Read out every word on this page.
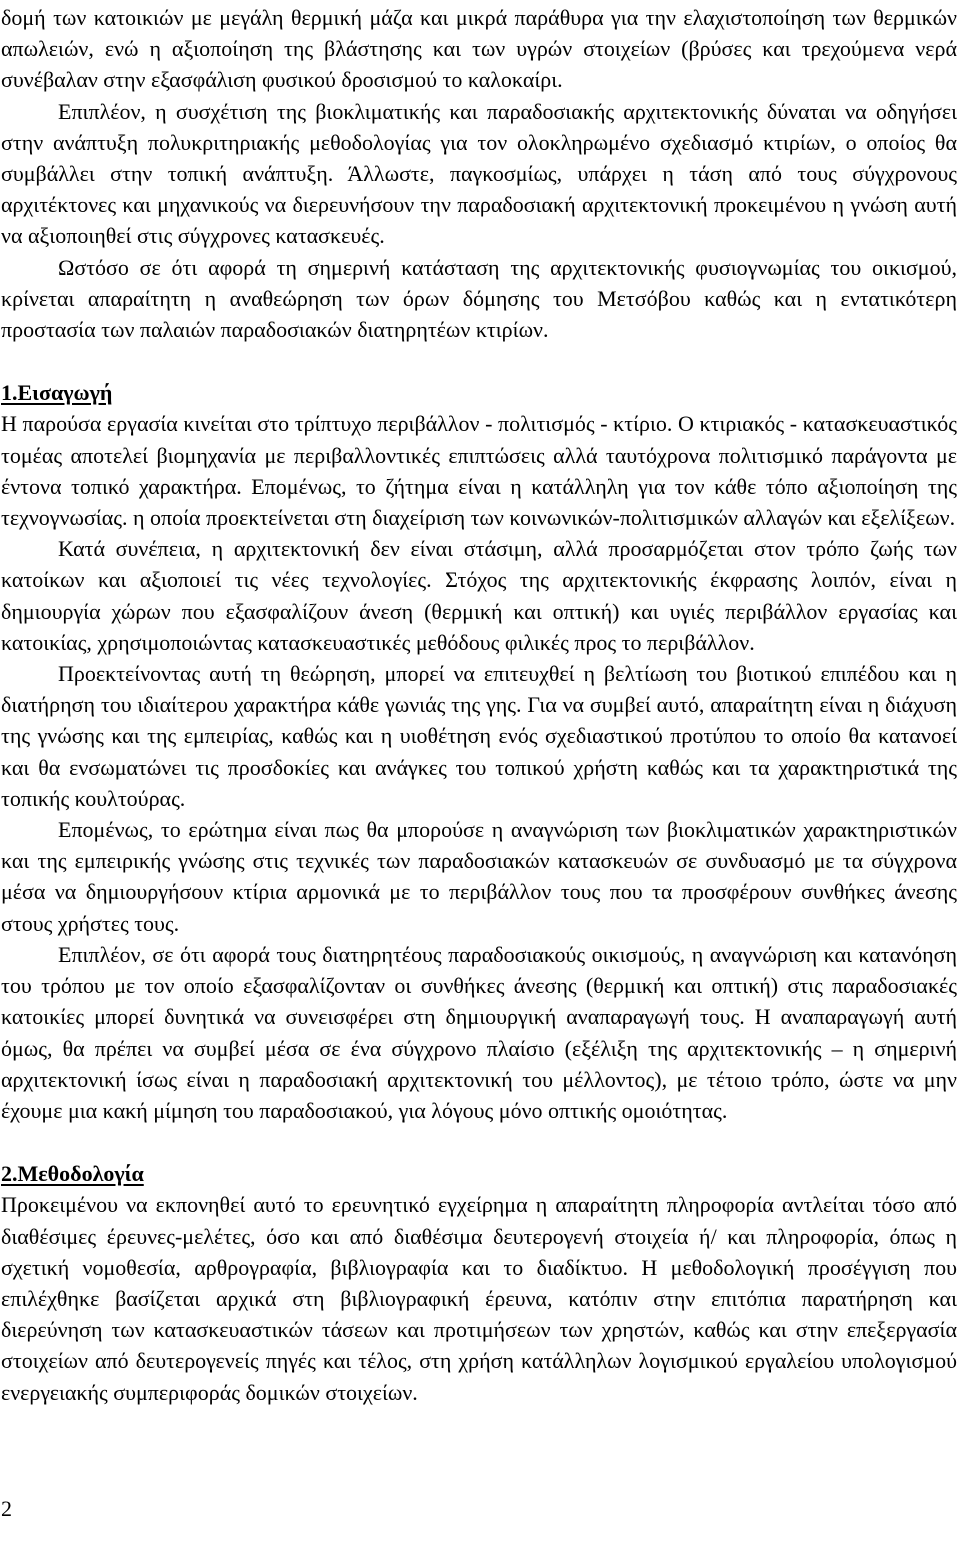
δομή των κατοικιών με μεγάλη θερμική μάζα και μικρά παράθυρα για την ελαχιστοποίηση των θερμικών απωλειών, ενώ η αξιοποίηση της βλάστησης και των υγρών στοιχείων (βρύσες και τρεχούμενα νερά συνέβαλαν στην εξασφάλιση φυσικού δροσισμού το καλοκαίρι.

Επιπλέον, η συσχέτιση της βιοκλιματικής και παραδοσιακής αρχιτεκτονικής δύναται να οδηγήσει στην ανάπτυξη πολυκριτηριακής μεθοδολογίας για τον ολοκληρωμένο σχεδιασμό κτιρίων, ο οποίος θα συμβάλλει στην τοπική ανάπτυξη. Άλλωστε, παγκοσμίως, υπάρχει η τάση από τους σύγχρονους αρχιτέκτονες και μηχανικούς να διερευνήσουν την παραδοσιακή αρχιτεκτονική προκειμένου η γνώση αυτή να αξιοποιηθεί στις σύγχρονες κατασκευές.

Ωστόσο σε ότι αφορά τη σημερινή κατάσταση της αρχιτεκτονικής φυσιογνωμίας του οικισμού, κρίνεται απαραίτητη η αναθεώρηση των όρων δόμησης του Μετσόβου καθώς και η εντατικότερη προστασία των παλαιών παραδοσιακών διατηρητέων κτιρίων.

1.Εισαγωγή

Η παρούσα εργασία κινείται στο τρίπτυχο περιβάλλον - πολιτισμός - κτίριο. Ο κτιριακός - κατασκευαστικός τομέας αποτελεί βιομηχανία με περιβαλλοντικές επιπτώσεις αλλά ταυτόχρονα πολιτισμικό παράγοντα με έντονα τοπικό χαρακτήρα. Επομένως, το ζήτημα είναι η κατάλληλη για τον κάθε τόπο αξιοποίηση της τεχνογνωσίας. η οποία προεκτείνεται στη διαχείριση των κοινωνικών-πολιτισμικών αλλαγών και εξελίξεων.

Κατά συνέπεια, η αρχιτεκτονική δεν είναι στάσιμη, αλλά προσαρμόζεται στον τρόπο ζωής των κατοίκων και αξιοποιεί τις νέες τεχνολογίες. Στόχος της αρχιτεκτονικής έκφρασης λοιπόν, είναι η δημιουργία χώρων που εξασφαλίζουν άνεση (θερμική και οπτική) και υγιές περιβάλλον εργασίας και κατοικίας, χρησιμοποιώντας κατασκευαστικές μεθόδους φιλικές προς το περιβάλλον.

Προεκτείνοντας αυτή τη θεώρηση, μπορεί να επιτευχθεί η βελτίωση του βιοτικού επιπέδου και η διατήρηση του ιδιαίτερου χαρακτήρα κάθε γωνιάς της γης. Για να συμβεί αυτό, απαραίτητη είναι η διάχυση της γνώσης και της εμπειρίας, καθώς και η υιοθέτηση ενός σχεδιαστικού προτύπου το οποίο θα κατανοεί και θα ενσωματώνει τις προσδοκίες και ανάγκες του τοπικού χρήστη καθώς και τα χαρακτηριστικά της τοπικής κουλτούρας.

Επομένως, το ερώτημα είναι πως θα μπορούσε η αναγνώριση των βιοκλιματικών χαρακτηριστικών και της εμπειρικής γνώσης στις τεχνικές των παραδοσιακών κατασκευών σε συνδυασμό με τα σύγχρονα μέσα να δημιουργήσουν κτίρια αρμονικά με το περιβάλλον τους που τα προσφέρουν συνθήκες άνεσης στους χρήστες τους.

Επιπλέον, σε ότι αφορά τους διατηρητέους παραδοσιακούς οικισμούς, η αναγνώριση και κατανόηση του τρόπου με τον οποίο εξασφαλίζονταν οι συνθήκες άνεσης (θερμική και οπτική) στις παραδοσιακές κατοικίες μπορεί δυνητικά να συνεισφέρει στη δημιουργική αναπαραγωγή τους. Η αναπαραγωγή αυτή όμως, θα πρέπει να συμβεί μέσα σε ένα σύγχρονο πλαίσιο (εξέλιξη της αρχιτεκτονικής – η σημερινή αρχιτεκτονική ίσως είναι η παραδοσιακή αρχιτεκτονική του μέλλοντος), με τέτοιο τρόπο, ώστε να μην έχουμε μια κακή μίμηση του παραδοσιακού, για λόγους μόνο οπτικής ομοιότητας.

2.Μεθοδολογία

Προκειμένου να εκπονηθεί αυτό το ερευνητικό εγχείρημα η απαραίτητη πληροφορία αντλείται τόσο από διαθέσιμες έρευνες-μελέτες, όσο και από διαθέσιμα δευτερογενή στοιχεία ή/ και πληροφορία, όπως η σχετική νομοθεσία, αρθρογραφία, βιβλιογραφία και το διαδίκτυο. Η μεθοδολογική προσέγγιση που επιλέχθηκε βασίζεται αρχικά στη βιβλιογραφική έρευνα, κατόπιν στην επιτόπια παρατήρηση και διερεύνηση των κατασκευαστικών τάσεων και προτιμήσεων των χρηστών, καθώς και στην επεξεργασία στοιχείων από δευτερογενείς πηγές και τέλος, στη χρήση κατάλληλων λογισμικού εργαλείου υπολογισμού ενεργειακής συμπεριφοράς δομικών στοιχείων.

2
